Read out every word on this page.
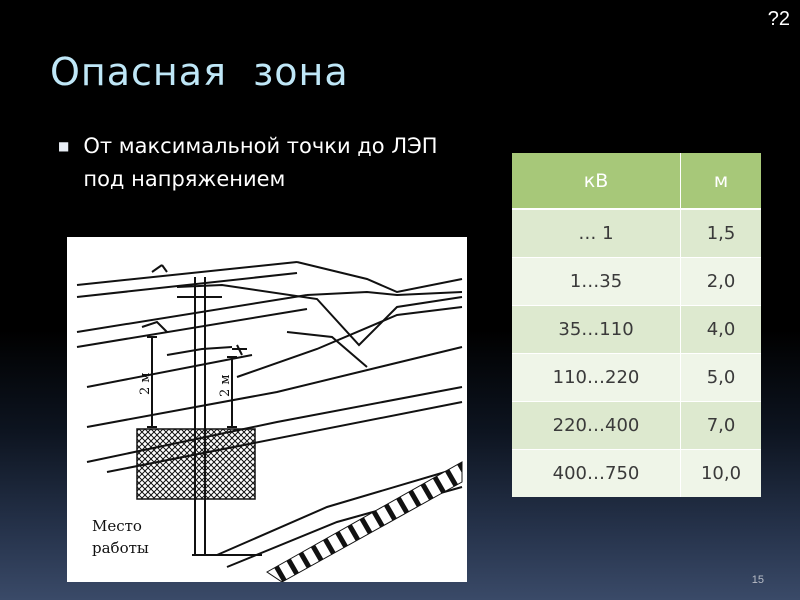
?2
Опасная  зона
■ От максимальной точки до ЛЭП под напряжением
2 м	2 м
Место
работы
кВ	м
… 1	1,5
1…35	2,0
35…110	4,0
110…220	5,0
220…400	7,0
400…750	10,0
15
